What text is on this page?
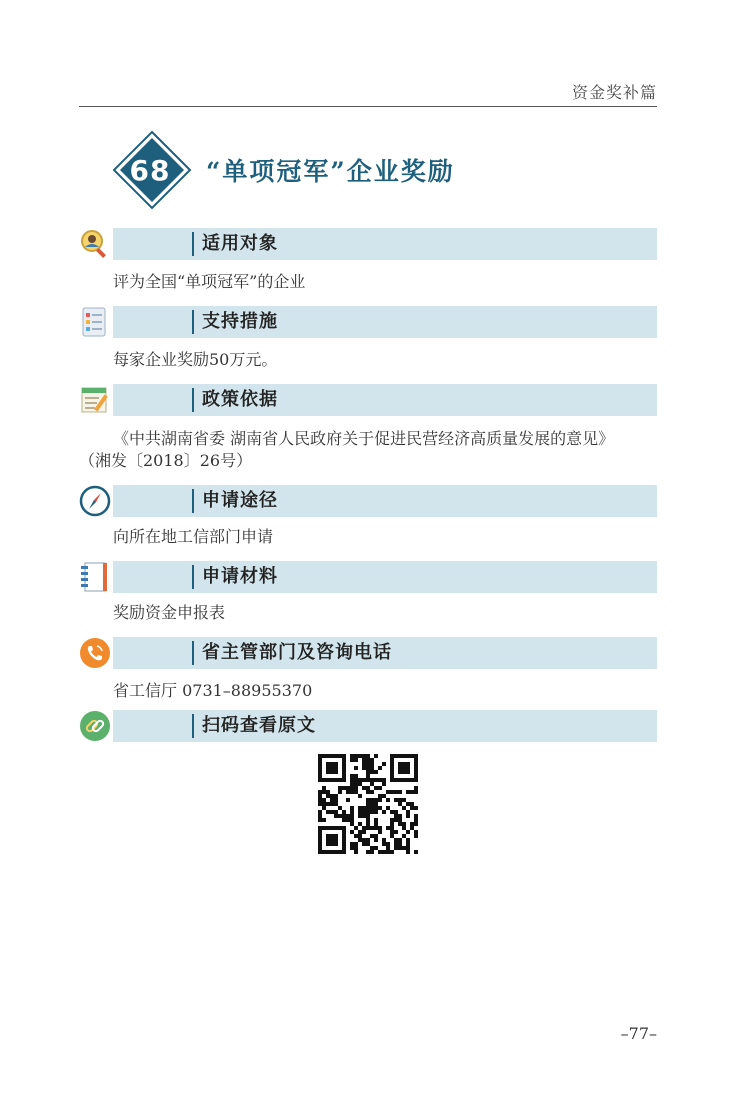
资金奖补篇
68	“单项冠军”企业奖励
适用对象
评为全国“单项冠军”的企业
支持措施
每家企业奖励50万元。
政策依据
《中共湖南省委 湖南省人民政府关于促进民营经济高质量发展的意见》
（湘发〔2018〕26号）
申请途径
向所在地工信部门申请
申请材料
奖励资金申报表
省主管部门及咨询电话
省工信厅 0731–88955370
扫码查看原文
–77–
